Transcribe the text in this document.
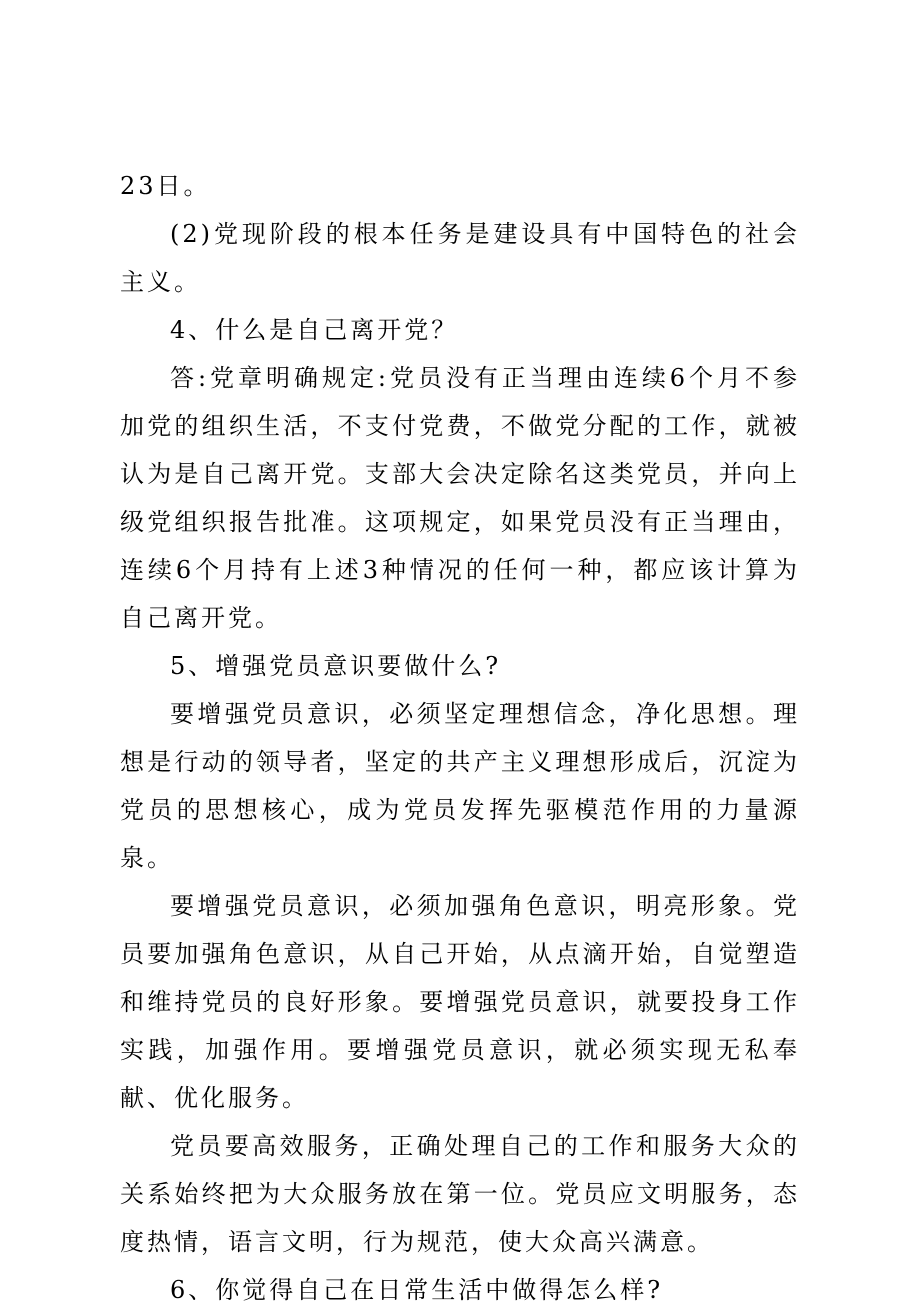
23日。

(2)党现阶段的根本任务是建设具有中国特色的社会主义。

4、什么是自己离开党？

答:党章明确规定:党员没有正当理由连续6个月不参加党的组织生活，不支付党费，不做党分配的工作，就被认为是自己离开党。支部大会决定除名这类党员，并向上级党组织报告批准。这项规定，如果党员没有正当理由，连续6个月持有上述3种情况的任何一种，都应该计算为自己离开党。

5、增强党员意识要做什么?

要增强党员意识，必须坚定理想信念，净化思想。理想是行动的领导者，坚定的共产主义理想形成后，沉淀为党员的思想核心，成为党员发挥先驱模范作用的力量源泉。

要增强党员意识，必须加强角色意识，明亮形象。党员要加强角色意识，从自己开始，从点滴开始，自觉塑造和维持党员的良好形象。要增强党员意识，就要投身工作实践，加强作用。要增强党员意识，就必须实现无私奉献、优化服务。

党员要高效服务，正确处理自己的工作和服务大众的关系始终把为大众服务放在第一位。党员应文明服务，态度热情，语言文明，行为规范，使大众高兴满意。

6、你觉得自己在日常生活中做得怎么样?
